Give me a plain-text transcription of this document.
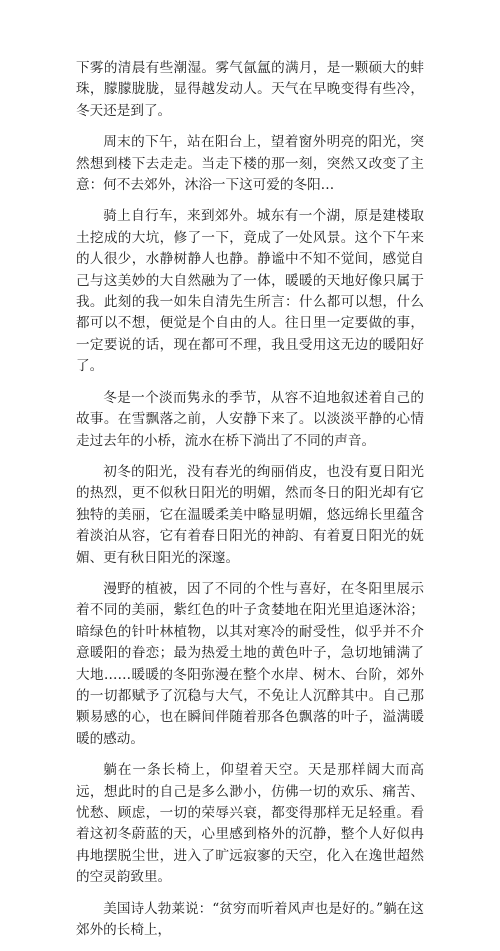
下雾的清晨有些潮湿。雾气氤氲的满月，是一颗硕大的蚌珠，朦朦胧胧，显得越发动人。天气在早晚变得有些冷，冬天还是到了。

周末的下午，站在阳台上，望着窗外明亮的阳光，突然想到楼下去走走。当走下楼的那一刻，突然又改变了主意：何不去郊外，沐浴一下这可爱的冬阳…

骑上自行车，来到郊外。城东有一个湖，原是建楼取土挖成的大坑，修了一下，竟成了一处风景。这个下午来的人很少，水静树静人也静。静谧中不知不觉间，感觉自己与这美妙的大自然融为了一体，暖暖的天地好像只属于我。此刻的我一如朱自清先生所言：什么都可以想，什么都可以不想，便觉是个自由的人。往日里一定要做的事，一定要说的话，现在都可不理，我且受用这无边的暖阳好了。

冬是一个淡而隽永的季节，从容不迫地叙述着自己的故事。在雪飘落之前，人安静下来了。以淡淡平静的心情走过去年的小桥，流水在桥下淌出了不同的声音。

初冬的阳光，没有春光的绚丽俏皮，也没有夏日阳光的热烈，更不似秋日阳光的明媚，然而冬日的阳光却有它独特的美丽，它在温暖柔美中略显明媚，悠远绵长里蕴含着淡泊从容，它有着春日阳光的神韵、有着夏日阳光的妩媚、更有秋日阳光的深邃。

漫野的植被，因了不同的个性与喜好，在冬阳里展示着不同的美丽，紫红色的叶子贪婪地在阳光里追逐沐浴；暗绿色的针叶林植物，以其对寒冷的耐受性，似乎并不介意暖阳的眷恋；最为热爱土地的黄色叶子，急切地铺满了大地……暖暖的冬阳弥漫在整个水岸、树木、台阶，郊外的一切都赋予了沉稳与大气，不免让人沉醉其中。自己那颗易感的心，也在瞬间伴随着那各色飘落的叶子，溢满暖暖的感动。

躺在一条长椅上，仰望着天空。天是那样阔大而高远，想此时的自己是多么渺小，仿佛一切的欢乐、痛苦、忧愁、顾虑，一切的荣辱兴衰，都变得那样无足轻重。看着这初冬蔚蓝的天，心里感到格外的沉静，整个人好似冉冉地摆脱尘世，进入了旷远寂寥的天空，化入在逸世超然的空灵韵致里。

美国诗人勃莱说：“贫穷而听着风声也是好的。”躺在这郊外的长椅上，
